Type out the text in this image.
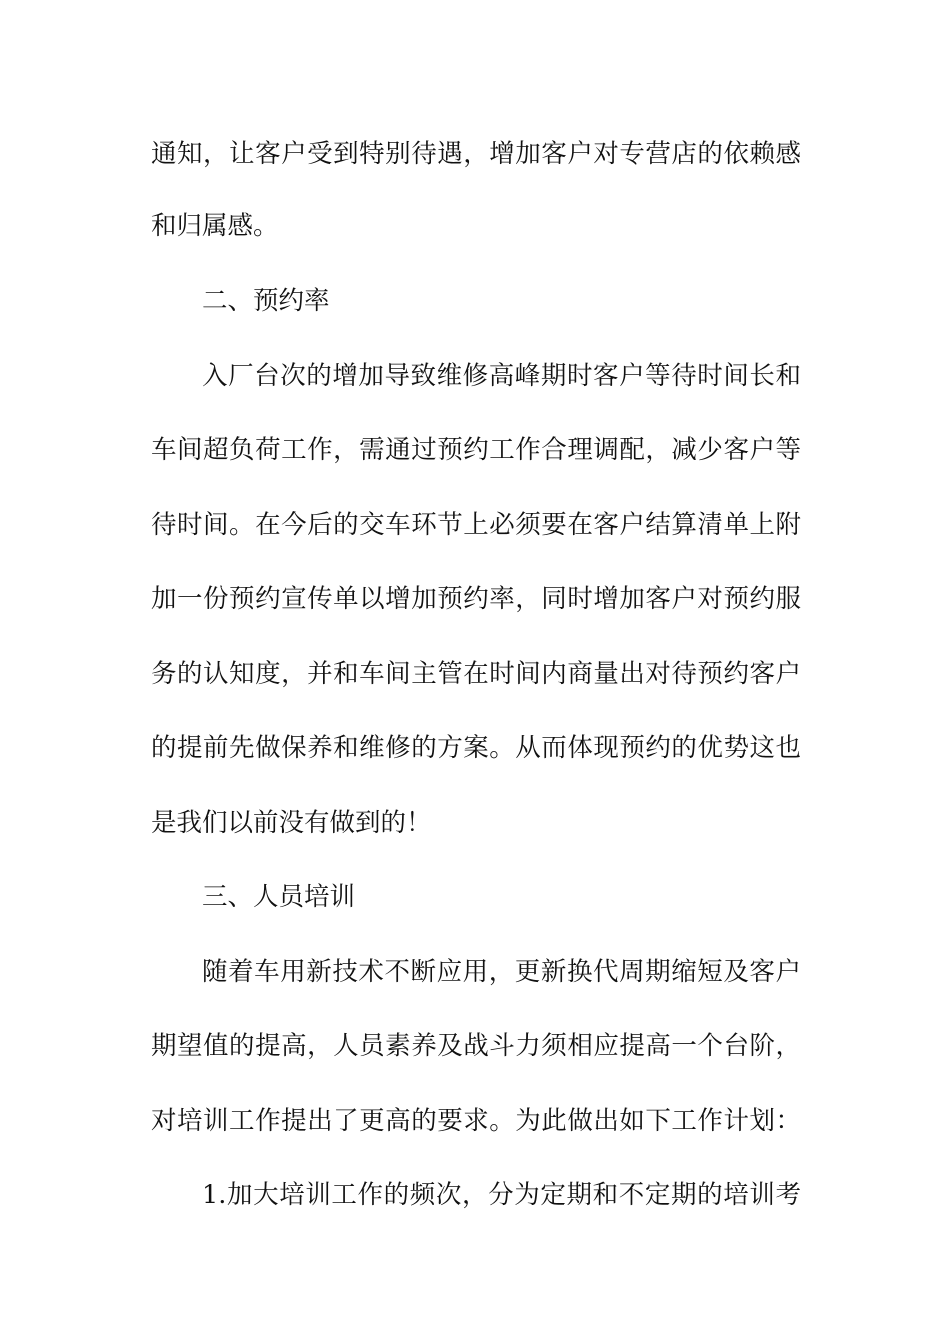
通知，让客户受到特别待遇，增加客户对专营店的依赖感
和归属感。
二、预约率
入厂台次的增加导致维修高峰期时客户等待时间长和
车间超负荷工作，需通过预约工作合理调配，减少客户等
待时间。在今后的交车环节上必须要在客户结算清单上附
加一份预约宣传单以增加预约率，同时增加客户对预约服
务的认知度，并和车间主管在时间内商量出对待预约客户
的提前先做保养和维修的方案。从而体现预约的优势这也
是我们以前没有做到的！
三、人员培训
随着车用新技术不断应用，更新换代周期缩短及客户
期望值的提高，人员素养及战斗力须相应提高一个台阶，
对培训工作提出了更高的要求。为此做出如下工作计划：
1.加大培训工作的频次，分为定期和不定期的培训考
